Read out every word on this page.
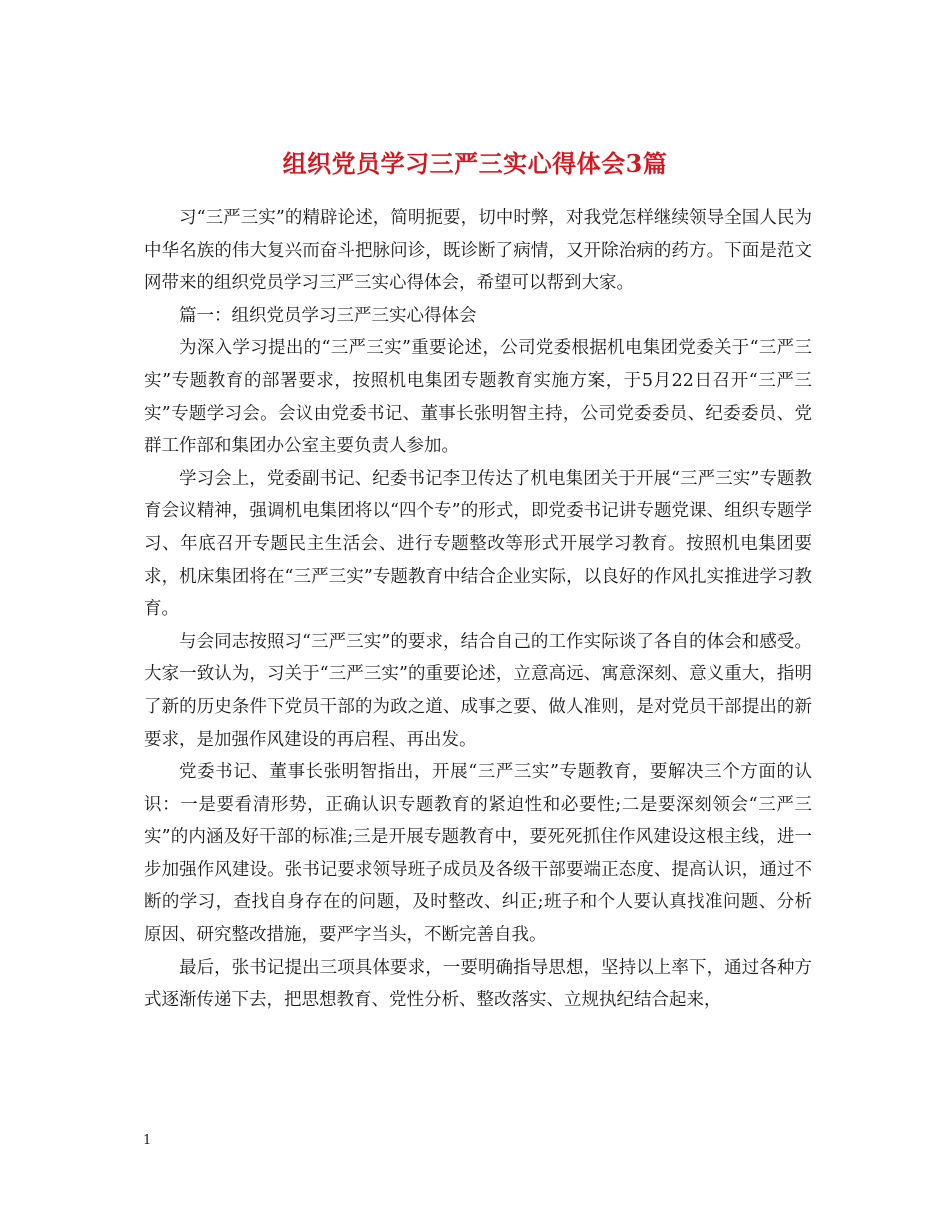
组织党员学习三严三实心得体会3篇

习“三严三实”的精辟论述，简明扼要，切中时弊，对我党怎样继续领导全国人民为中华名族的伟大复兴而奋斗把脉问诊，既诊断了病情，又开除治病的药方。下面是范文网带来的组织党员学习三严三实心得体会，希望可以帮到大家。

篇一：组织党员学习三严三实心得体会

为深入学习提出的“三严三实”重要论述，公司党委根据机电集团党委关于“三严三实”专题教育的部署要求，按照机电集团专题教育实施方案，于5月22日召开“三严三实”专题学习会。会议由党委书记、董事长张明智主持，公司党委委员、纪委委员、党群工作部和集团办公室主要负责人参加。

学习会上，党委副书记、纪委书记李卫传达了机电集团关于开展“三严三实”专题教育会议精神，强调机电集团将以“四个专”的形式，即党委书记讲专题党课、组织专题学习、年底召开专题民主生活会、进行专题整改等形式开展学习教育。按照机电集团要求，机床集团将在“三严三实”专题教育中结合企业实际，以良好的作风扎实推进学习教育。

与会同志按照习“三严三实”的要求，结合自己的工作实际谈了各自的体会和感受。大家一致认为，习关于“三严三实”的重要论述，立意高远、寓意深刻、意义重大，指明了新的历史条件下党员干部的为政之道、成事之要、做人准则，是对党员干部提出的新要求，是加强作风建设的再启程、再出发。

党委书记、董事长张明智指出，开展“三严三实”专题教育，要解决三个方面的认识：一是要看清形势，正确认识专题教育的紧迫性和必要性;二是要深刻领会“三严三实”的内涵及好干部的标准;三是开展专题教育中，要死死抓住作风建设这根主线，进一步加强作风建设。张书记要求领导班子成员及各级干部要端正态度、提高认识，通过不断的学习，查找自身存在的问题，及时整改、纠正;班子和个人要认真找准问题、分析原因、研究整改措施，要严字当头，不断完善自我。

最后，张书记提出三项具体要求，一要明确指导思想，坚持以上率下，通过各种方式逐渐传递下去，把思想教育、党性分析、整改落实、立规执纪结合起来，

1
